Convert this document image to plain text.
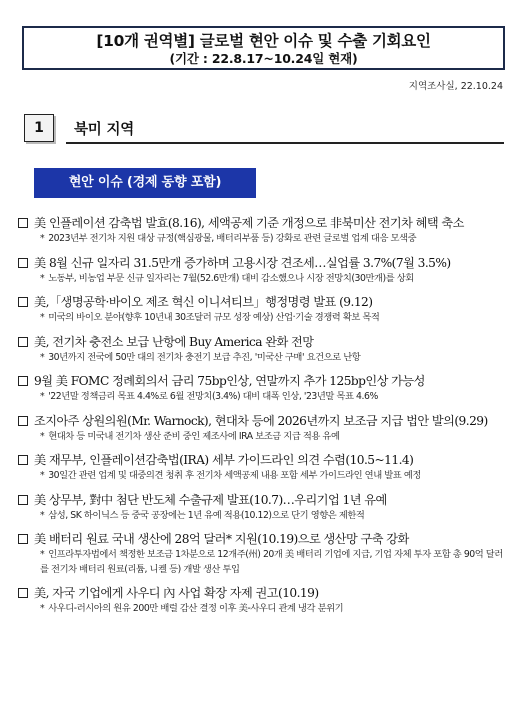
[10개 권역별] 글로벌 현안 이슈 및 수출 기회요인
(기간 : 22.8.17~10.24일 현재)
지역조사실, 22.10.24
1	북미 지역
현안 이슈 (경제 동향 포함)
美 인플레이션 감축법 발효(8.16), 세액공제 기준 개정으로 非북미산 전기차 혜택 축소
* 2023년부 전기차 지원 대상 규정(핵심광물, 배터리부품 등) 강화로 관련 글로벌 업계 대응 모색중
美 8월 신규 일자리 31.5만개 증가하며 고용시장 견조세…실업률 3.7%(7월 3.5%)
* 노동부, 비농업 부문 신규 일자리는 7월(52.6만개) 대비 감소했으나 시장 전망치(30만개)를 상회
美,「생명공학·바이오 제조 혁신 이니셔티브」행정명령 발표 (9.12)
* 미국의 바이오 분야(향후 10년내 30조달러 규모 성장 예상) 산업·기술 경쟁력 확보 목적
美, 전기차 충전소 보급 난항에 Buy America 완화 전망
* 30년까지 전국에 50만 대의 전기차 충전기 보급 추진, '미국산 구매' 요건으로 난항
9월 美 FOMC 정례회의서 금리 75bp인상, 연말까지 추가 125bp인상 가능성
* '22년말 정책금리 목표 4.4%로 6월 전망치(3.4%) 대비 대폭 인상, '23년말 목표 4.6%
조지아주 상원의원(Mr. Warnock), 현대차 등에 2026년까지 보조금 지급 법안 발의(9.29)
* 현대차 등 미국내 전기차 생산 준비 중인 제조사에 IRA 보조금 지급 적용 유예
美 재무부, 인플레이션감축법(IRA) 세부 가이드라인 의견 수렴(10.5~11.4)
* 30일간 관련 업계 및 대중의견 청취 후 전기차 세액공제 내용 포함 세부 가이드라인 연내 발표 예정
美 상무부, 對中 첨단 반도체 수출규제 발표(10.7)…우리기업 1년 유예
* 삼성, SK 하이닉스 등 중국 공장에는 1년 유예 적용(10.12)으로 단기 영향은 제한적
美 배터리 원료 국내 생산에 28억 달러* 지원(10.19)으로 생산망 구축 강화
* 인프라투자법에서 책정한 보조금 1차분으로 12개주(州) 20개 美 배터리 기업에 지급, 기업 자체 투자 포함 총 90억 달러를 전기차 배터리 원료(리튬, 니켈 등) 개발 생산 투입
美, 자국 기업에게 사우디 內 사업 확장 자제 권고(10.19)
* 사우디-러시아의 원유 200만 배럴 감산 결정 이후 美-사우디 관계 냉각 분위기
